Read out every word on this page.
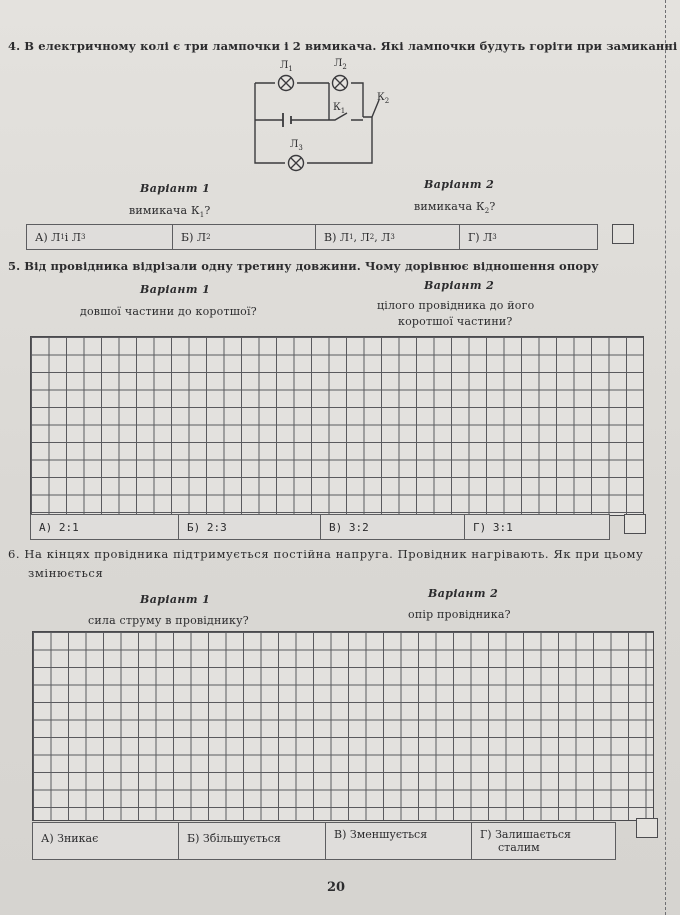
4. В електричному колі є три лампочки і 2 вимикача. Які лампочки будуть горіти при замиканні
$Л_1$	$Л_2$
$Л_3$
$К_1$
$К_2$
Варіант 1	Варіант 2
вимикача $К_1$?	вимикача $К_2$?
А) Л 1 і Л 3	Б) Л 2	В) Л 1 , Л 2 , Л 3	Г) Л 3
5. Від провідника відрізали одну третину довжини. Чому дорівнює відношення опору
Варіант 1	Варіант 2
довшої частини до коротшої?	цілого провідника до його
коротшої частини?
А) 2:1	Б) 2:3	В) 3:2	Г) 3:1
6. На кінцях провідника підтримується постійна напруга. Провідник нагрівають. Як при цьому
змінюється
Варіант 1	Варіант 2
сила струму в провіднику?	опір провідника?
А) Зникає	Б) Збільшується	В) Зменшується	Г) Залишається
сталим
20
